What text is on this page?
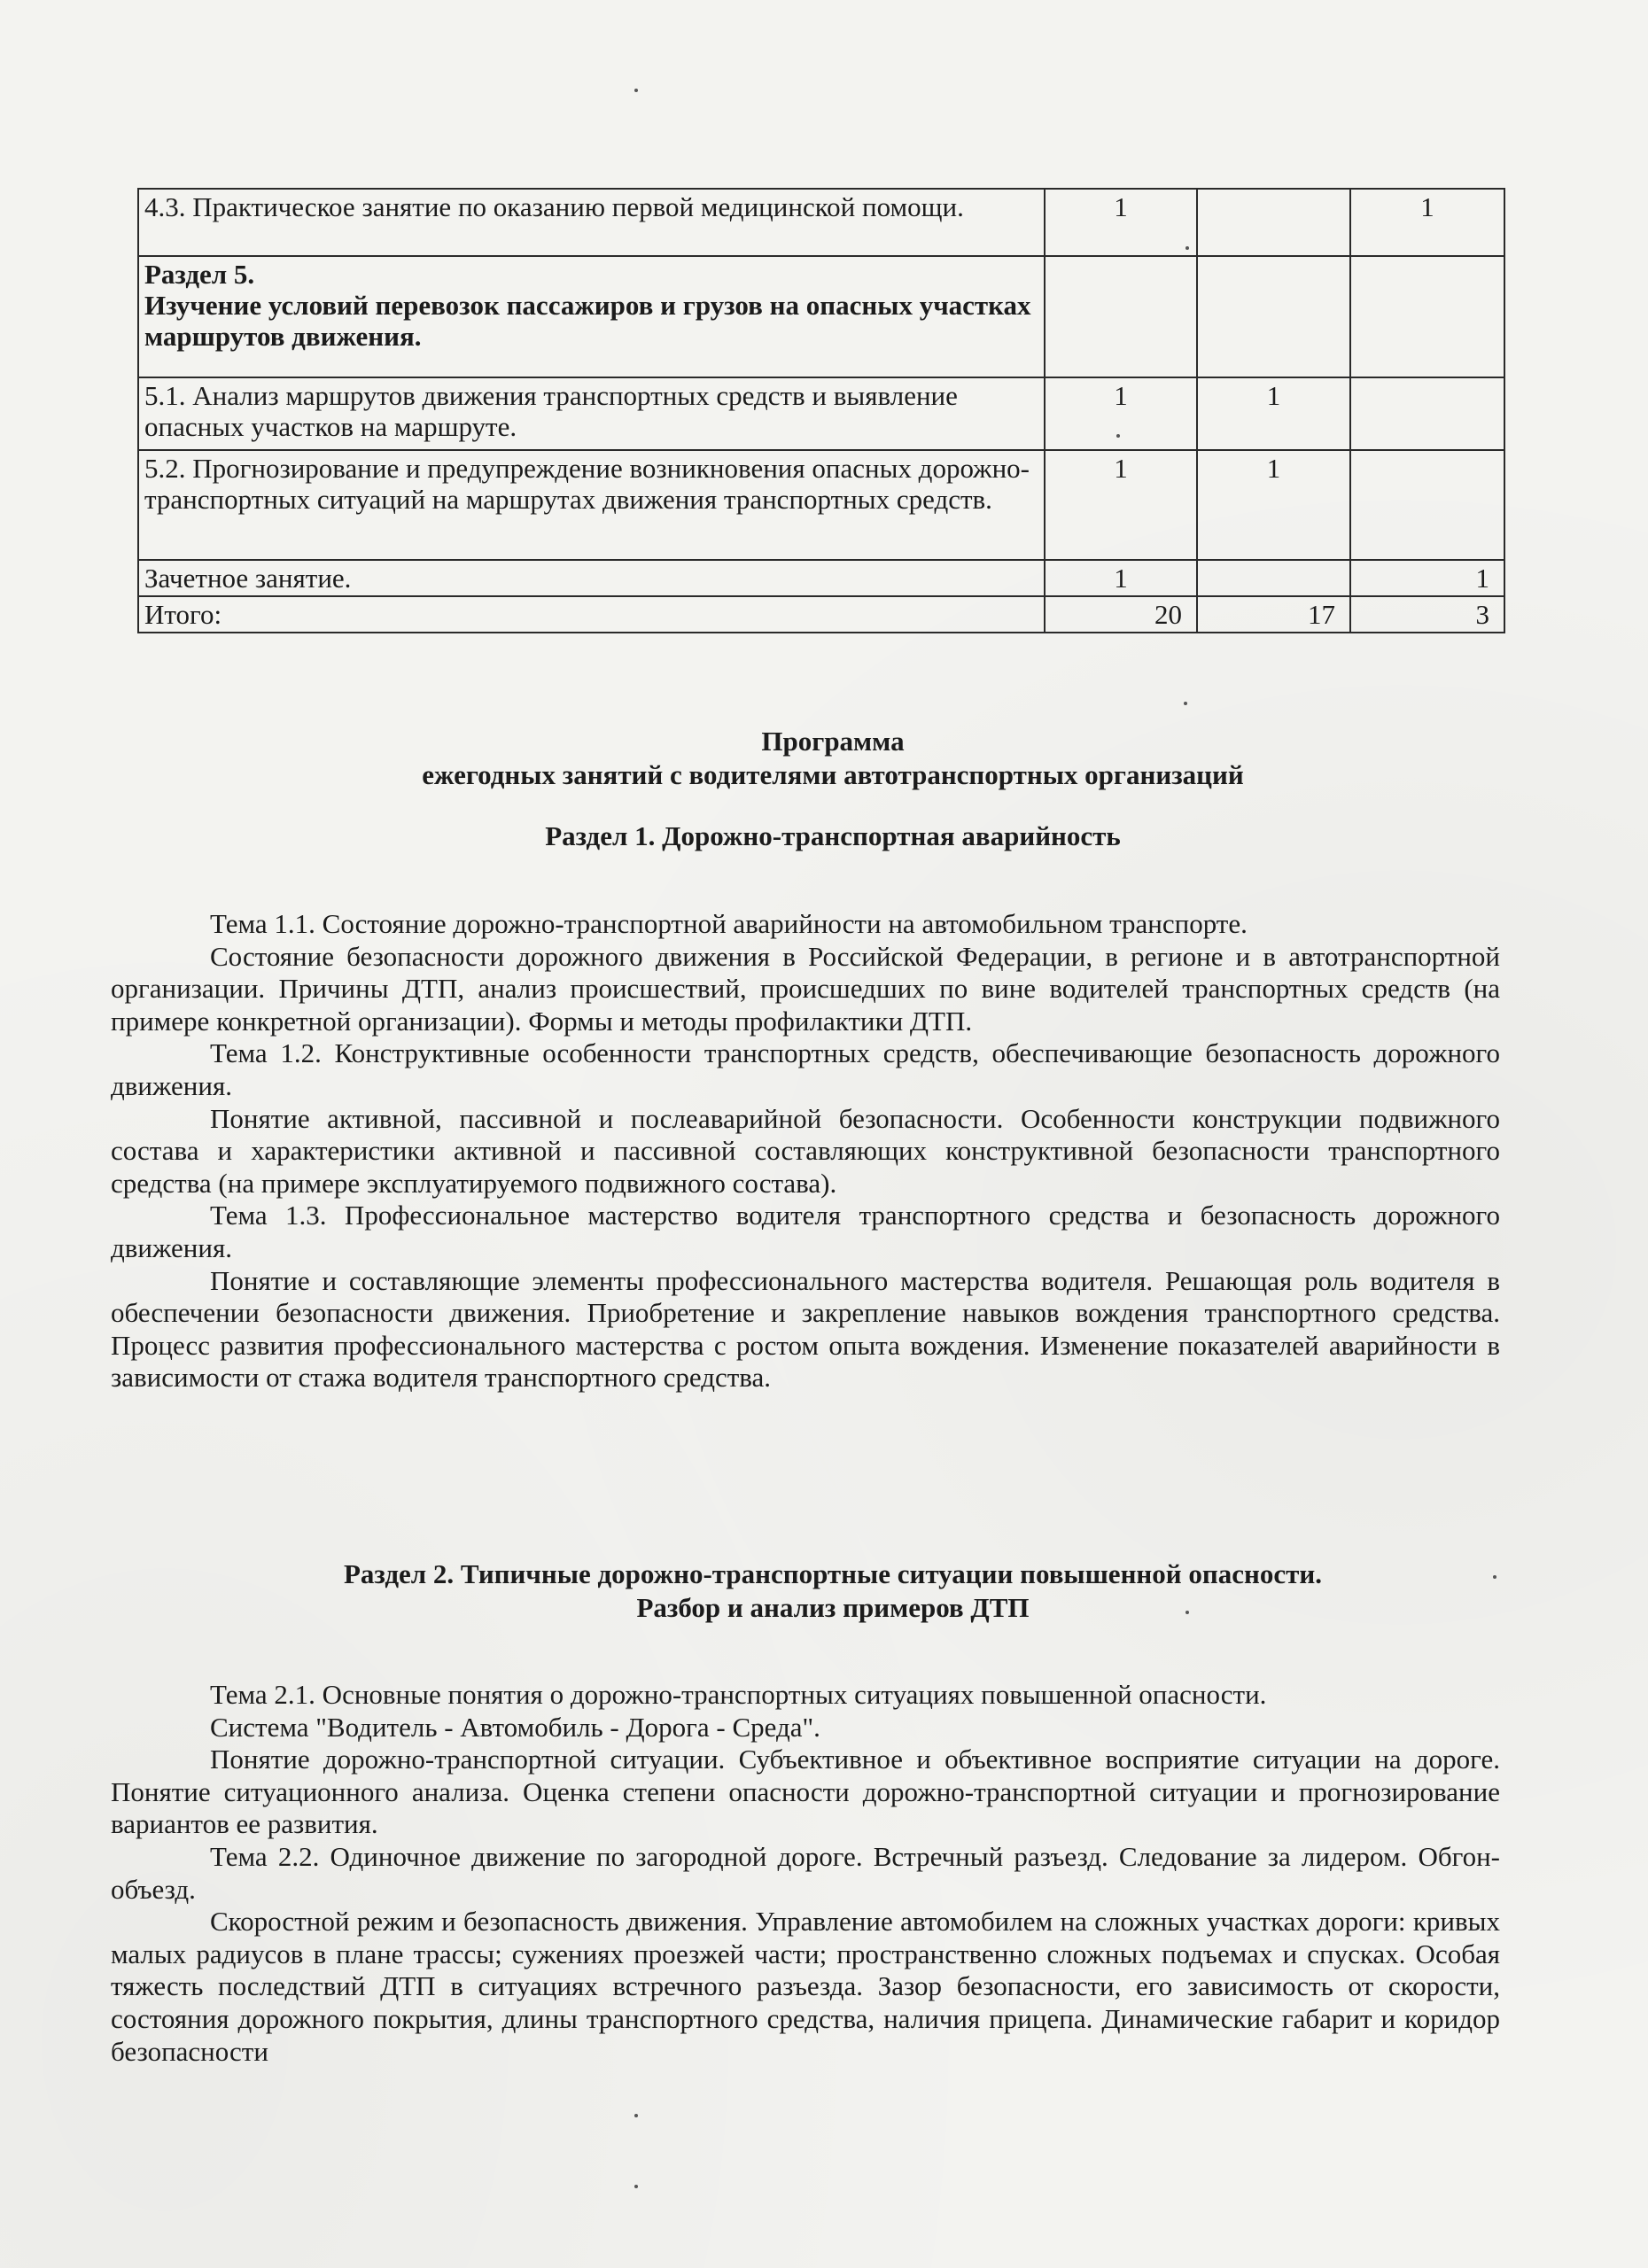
4.3. Практическое занятие по оказанию первой медицинской помощи.	1		1

Раздел 5.
Изучение условий перевозок пассажиров и грузов на опасных участках маршрутов движения.			

5.1. Анализ маршрутов движения транспортных средств и выявление опасных участков на маршруте.	1	1	
5.2. Прогнозирование и предупреждение возникновения опасных дорожно-транспортных ситуаций на маршрутах движения транспортных средств.	1	1	
Зачетное занятие.	1		1
Итого:	20	17	3
Программа
ежегодных занятий с водителями автотранспортных организаций
Раздел 1. Дорожно-транспортная аварийность

Тема 1.1. Состояние дорожно-транспортной аварийности на автомобильном транспорте.

Состояние безопасности дорожного движения в Российской Федерации, в регионе и в автотранспортной организации. Причины ДТП, анализ происшествий, происшедших по вине водителей транспортных средств (на примере конкретной организации). Формы и методы профилактики ДТП.

Тема 1.2. Конструктивные особенности транспортных средств, обеспечивающие безопасность дорожного движения.

Понятие активной, пассивной и послеаварийной безопасности. Особенности конструкции подвижного состава и характеристики активной и пассивной составляющих конструктивной безопасности транспортного средства (на примере эксплуатируемого подвижного состава).

Тема 1.3. Профессиональное мастерство водителя транспортного средства и безопасность дорожного движения.

Понятие и составляющие элементы профессионального мастерства водителя. Решающая роль водителя в обеспечении безопасности движения. Приобретение и закрепление навыков вождения транспортного средства. Процесс развития профессионального мастерства с ростом опыта вождения. Изменение показателей аварийности в зависимости от стажа водителя транспортного средства.

Раздел 2. Типичные дорожно-транспортные ситуации повышенной опасности.
Разбор и анализ примеров ДТП

Тема 2.1. Основные понятия о дорожно-транспортных ситуациях повышенной опасности.

Система "Водитель - Автомобиль - Дорога - Среда".

Понятие дорожно-транспортной ситуации. Субъективное и объективное восприятие ситуации на дороге. Понятие ситуационного анализа. Оценка степени опасности дорожно-транспортной ситуации и прогнозирование вариантов ее развития.

Тема 2.2. Одиночное движение по загородной дороге. Встречный разъезд. Следование за лидером. Обгон-объезд.

Скоростной режим и безопасность движения. Управление автомобилем на сложных участках дороги: кривых малых радиусов в плане трассы; сужениях проезжей части; пространственно сложных подъемах и спусках. Особая тяжесть последствий ДТП в ситуациях встречного разъезда. Зазор безопасности, его зависимость от скорости, состояния дорожного покрытия, длины транспортного средства, наличия прицепа. Динамические габарит и коридор безопасности
